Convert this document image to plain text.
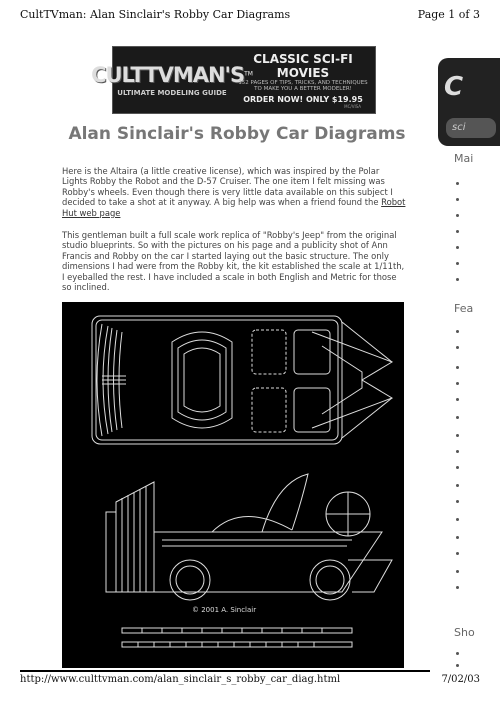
CultTVman: Alan Sinclair's Robby Car Diagrams	Page 1 of 3
CULTTVMAN'S™
ULTIMATE MODELING GUIDE
CLASSIC SCI-FI MOVIES
152 PAGES OF TIPS, TRICKS, AND TECHNIQUES
TO MAKE YOU A BETTER MODELER!
ORDER NOW! ONLY $19.95
MC/VISA
Alan Sinclair's Robby Car Diagrams

Here is the Altaira (a little creative license), which was inspired by the Polar Lights Robby the Robot and the D-57 Cruiser. The one item I felt missing was Robby's wheels. Even though there is very little data available on this subject I decided to take a shot at it anyway. A big help was when a friend found the Robot Hut web page

This gentleman built a full scale work replica of "Robby's Jeep" from the original studio blueprints. So with the pictures on his page and a publicity shot of Ann Francis and Robby on the car I started laying out the basic structure. The only dimensions I had were from the Robby kit, the kit established the scale at 1/11th, I eyeballed the rest. I have included a scale in both English and Metric for those so inclined.

© 2001 A. Sinclair
C
sci
Mai
Fea
Sho
http://www.culttvman.com/alan_sinclair_s_robby_car_diag.html	7/02/03
